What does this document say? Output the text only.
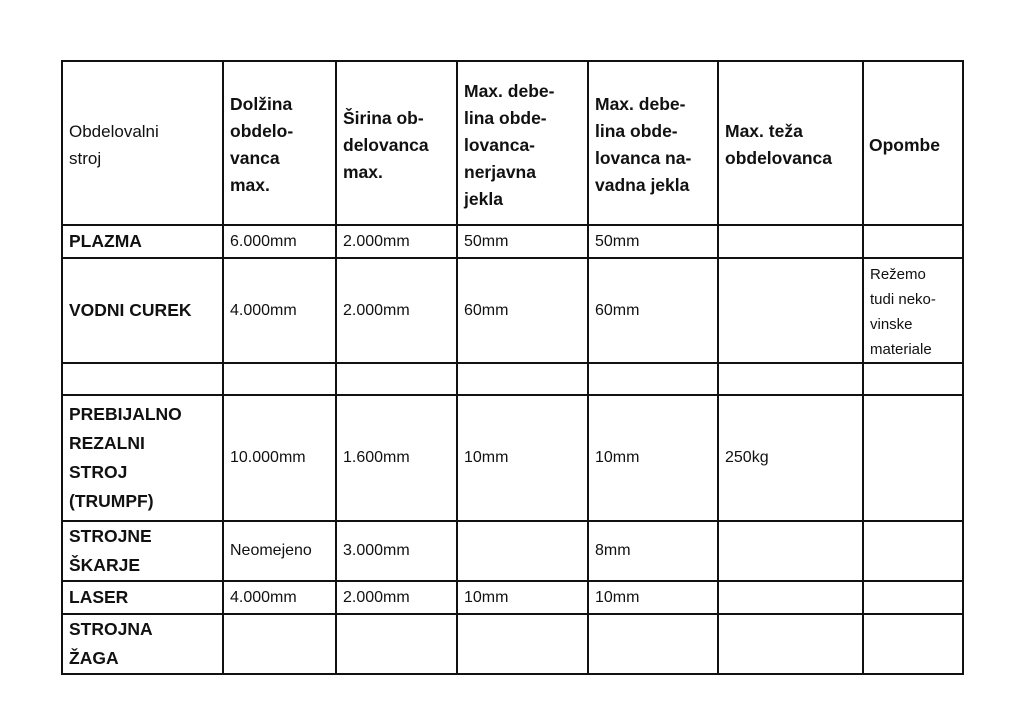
Obdelovalni
stroj	Dolžina
obdelo-
vanca
max.	Širina ob-
delovanca
max.	Max. debe-
lina obde-
lovanca-
nerjavna
jekla	Max. debe-
lina obde-
lovanca na-
vadna jekla	Max. teža
obdelovanca	Opombe

PLAZMA	6.000mm	2.000mm	50mm	50mm		

VODNI CUREK	4.000mm	2.000mm	60mm	60mm		Režemo
tudi neko-
vinske
materiale

PREBIJALNO
REZALNI
STROJ
(TRUMPF)	10.000mm	1.600mm	10mm	10mm	250kg	

STROJNE
ŠKARJE	Neomejeno	3.000mm		8mm		

LASER	4.000mm	2.000mm	10mm	10mm		

STROJNA
ŽAGA						
